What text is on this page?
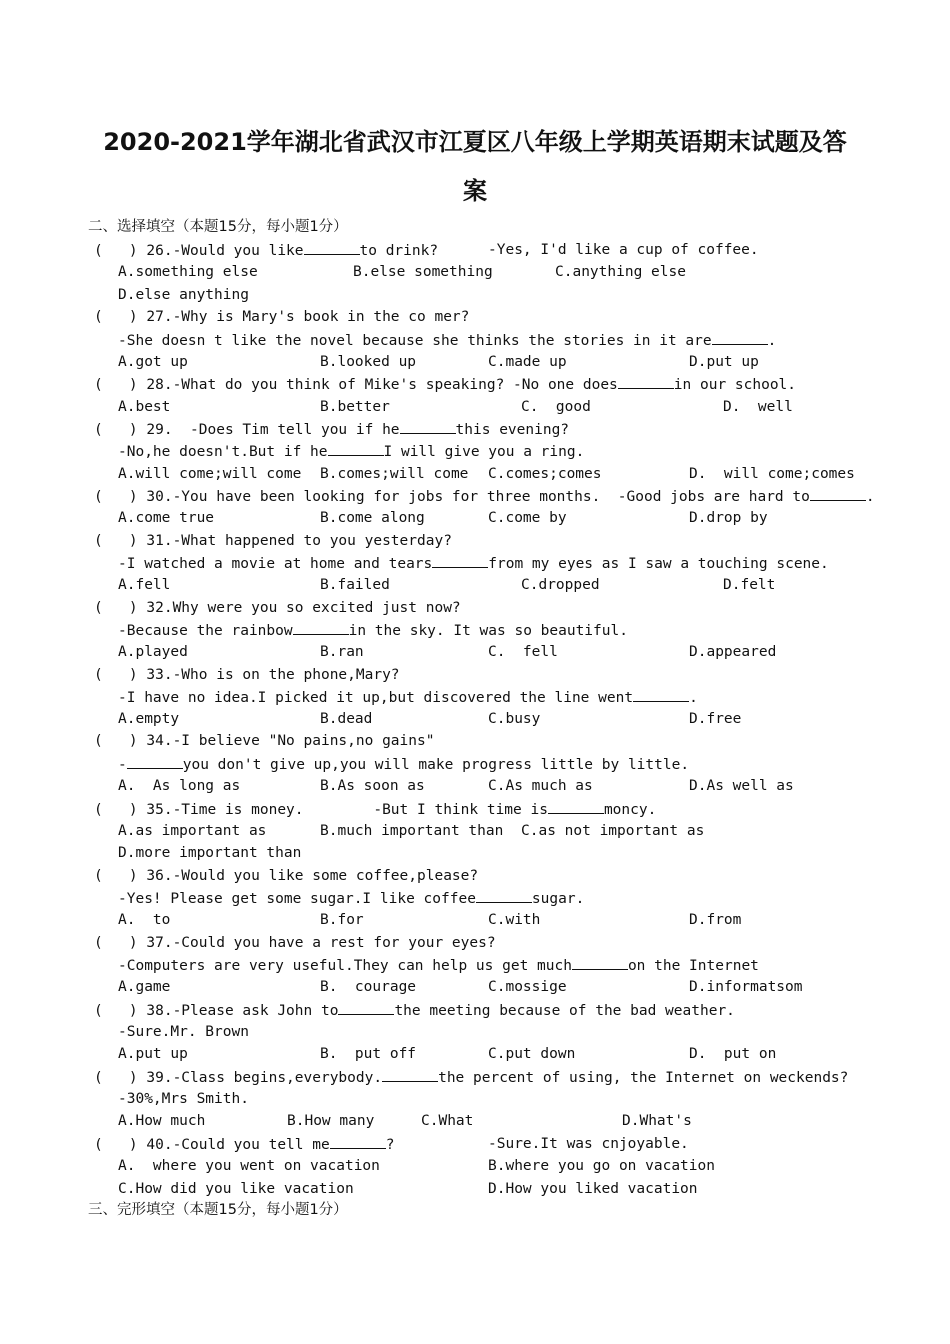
2020-2021学年湖北省武汉市江夏区八年级上学期英语期末试题及答
案
二、选择填空（本题15分，每小题1分）
(   ) 26.-Would you like	to drink?	-Yes, I'd like a cup of coffee.
A.something else	B.else something	C.anything else
D.else anything
(   ) 27.-Why is Mary's book in the co mer?
-She doesn t like the novel because she thinks the stories in it are	.
A.got up	B.looked up	C.made up	D.put up
(   ) 28.-What do you think of Mike's speaking? -No one does	in our school.
A.best	B.better	C.  good	D.  well
(   ) 29.  -Does Tim tell you if he	this evening?
-No,he doesn't.But if he	I will give you a ring.
A.will come;will come B.comes;will come C.comes;comes	D.  will come;comes
(   ) 30.-You have been looking for jobs for three months.  -Good jobs are hard to	.
A.come true	B.come along	C.come by	D.drop by
(   ) 31.-What happened to you yesterday?
-I watched a movie at home and tears	from my eyes as I saw a touching scene.
A.fell	B.failed	C.dropped	D.felt
(   ) 32.Why were you so excited just now?
-Because the rainbow	in the sky. It was so beautiful.
A.played	B.ran	C.  fell	D.appeared
(   ) 33.-Who is on the phone,Mary?
-I have no idea.I picked it up,but discovered the line went	.
A.empty	B.dead	C.busy	D.free
(   ) 34.-I believe "No pains,no gains"
-	you don't give up,you will make progress little by little.
A.  As long as	B.As soon as	C.As much as	D.As well as
(   ) 35.-Time is money.        -But I think time is	moncy.
A.as important as	B.much important than C.as not important as
D.more important than
(   ) 36.-Would you like some coffee,please?
-Yes! Please get some sugar.I like coffee	sugar.
A.  to	B.for	C.with	D.from
(   ) 37.-Could you have a rest for your eyes?
-Computers are very useful.They can help us get much	on the Internet
A.game	B.  courage	C.mossige	D.informatsom
(   ) 38.-Please ask John to	the meeting because of the bad weather.
-Sure.Mr. Brown
A.put up	B.  put off	C.put down	D.  put on
(   ) 39.-Class begins,everybody.	the percent of using, the Internet on weckends?
-30%,Mrs Smith.
A.How much	B.How many	C.What	D.What's
(   ) 40.-Could you tell me	?	-Sure.It was cnjoyable.
A.  where you went on vacation	B.where you go on vacation
C.How did you like vacation	D.How you liked vacation
三、完形填空（本题15分，每小题1分）
